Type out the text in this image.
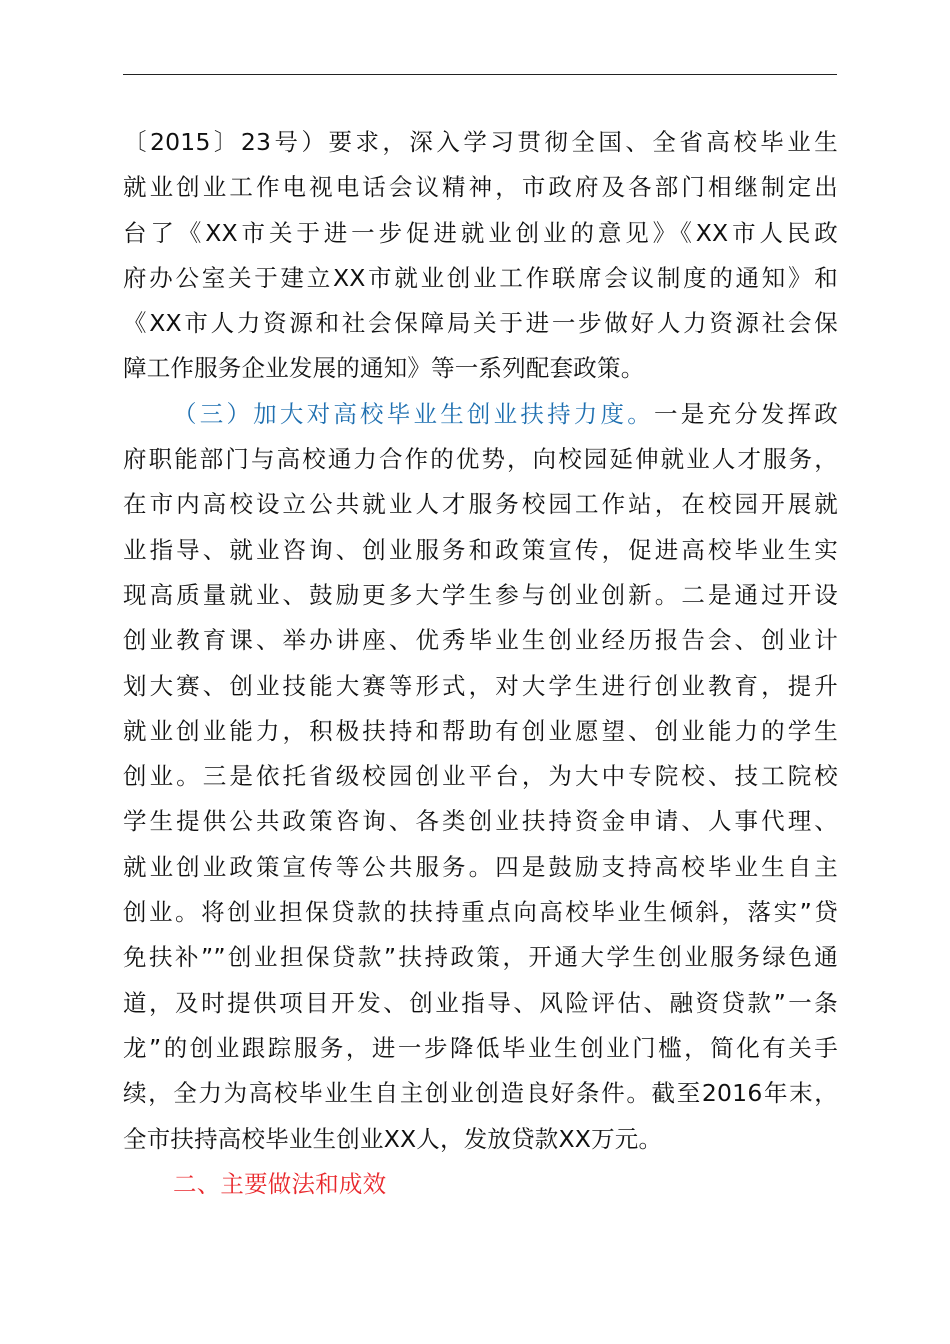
〔2015〕23号）要求，深入学习贯彻全国、全省高校毕业生
就业创业工作电视电话会议精神，市政府及各部门相继制定出
台了《XX市关于进一步促进就业创业的意见》《XX市人民政
府办公室关于建立XX市就业创业工作联席会议制度的通知》和
《XX市人力资源和社会保障局关于进一步做好人力资源社会保
障工作服务企业发展的通知》等一系列配套政策。
（三）加大对高校毕业生创业扶持力度。一是充分发挥政
府职能部门与高校通力合作的优势，向校园延伸就业人才服务，
在市内高校设立公共就业人才服务校园工作站，在校园开展就
业指导、就业咨询、创业服务和政策宣传，促进高校毕业生实
现高质量就业、鼓励更多大学生参与创业创新。二是通过开设
创业教育课、举办讲座、优秀毕业生创业经历报告会、创业计
划大赛、创业技能大赛等形式，对大学生进行创业教育，提升
就业创业能力，积极扶持和帮助有创业愿望、创业能力的学生
创业。三是依托省级校园创业平台，为大中专院校、技工院校
学生提供公共政策咨询、各类创业扶持资金申请、人事代理、
就业创业政策宣传等公共服务。四是鼓励支持高校毕业生自主
创业。将创业担保贷款的扶持重点向高校毕业生倾斜，落实”贷
免扶补””创业担保贷款”扶持政策，开通大学生创业服务绿色通
道，及时提供项目开发、创业指导、风险评估、融资贷款”一条
龙”的创业跟踪服务，进一步降低毕业生创业门槛，简化有关手
续，全力为高校毕业生自主创业创造良好条件。截至2016年末，
全市扶持高校毕业生创业XX人，发放贷款XX万元。
二、主要做法和成效
